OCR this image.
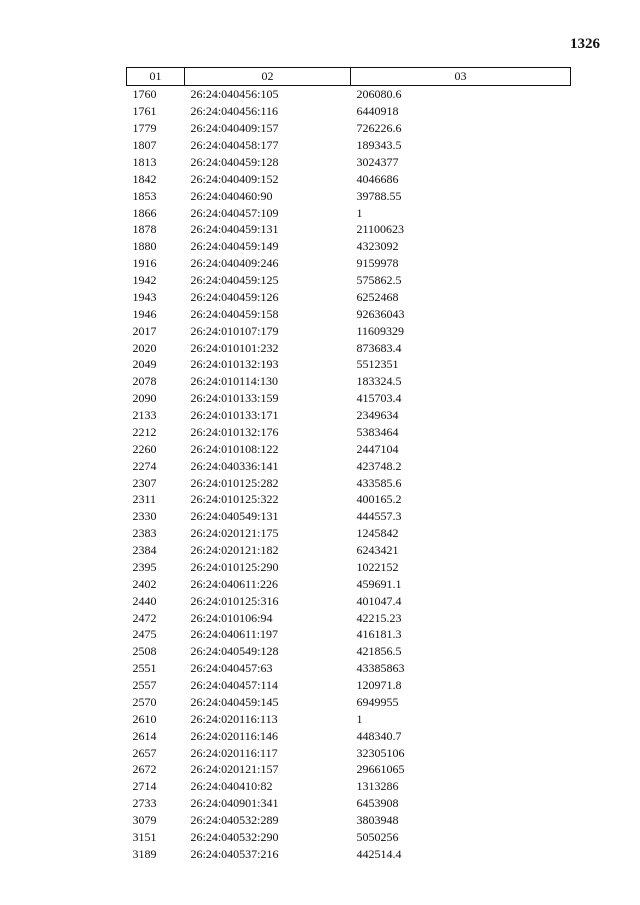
1326
01	02	03
1760	26:24:040456:105	206080.6
1761	26:24:040456:116	6440918
1779	26:24:040409:157	726226.6
1807	26:24:040458:177	189343.5
1813	26:24:040459:128	3024377
1842	26:24:040409:152	4046686
1853	26:24:040460:90	39788.55
1866	26:24:040457:109	1
1878	26:24:040459:131	21100623
1880	26:24:040459:149	4323092
1916	26:24:040409:246	9159978
1942	26:24:040459:125	575862.5
1943	26:24:040459:126	6252468
1946	26:24:040459:158	92636043
2017	26:24:010107:179	11609329
2020	26:24:010101:232	873683.4
2049	26:24:010132:193	5512351
2078	26:24:010114:130	183324.5
2090	26:24:010133:159	415703.4
2133	26:24:010133:171	2349634
2212	26:24:010132:176	5383464
2260	26:24:010108:122	2447104
2274	26:24:040336:141	423748.2
2307	26:24:010125:282	433585.6
2311	26:24:010125:322	400165.2
2330	26:24:040549:131	444557.3
2383	26:24:020121:175	1245842
2384	26:24:020121:182	6243421
2395	26:24:010125:290	1022152
2402	26:24:040611:226	459691.1
2440	26:24:010125:316	401047.4
2472	26:24:010106:94	42215.23
2475	26:24:040611:197	416181.3
2508	26:24:040549:128	421856.5
2551	26:24:040457:63	43385863
2557	26:24:040457:114	120971.8
2570	26:24:040459:145	6949955
2610	26:24:020116:113	1
2614	26:24:020116:146	448340.7
2657	26:24:020116:117	32305106
2672	26:24:020121:157	29661065
2714	26:24:040410:82	1313286
2733	26:24:040901:341	6453908
3079	26:24:040532:289	3803948
3151	26:24:040532:290	5050256
3189	26:24:040537:216	442514.4
